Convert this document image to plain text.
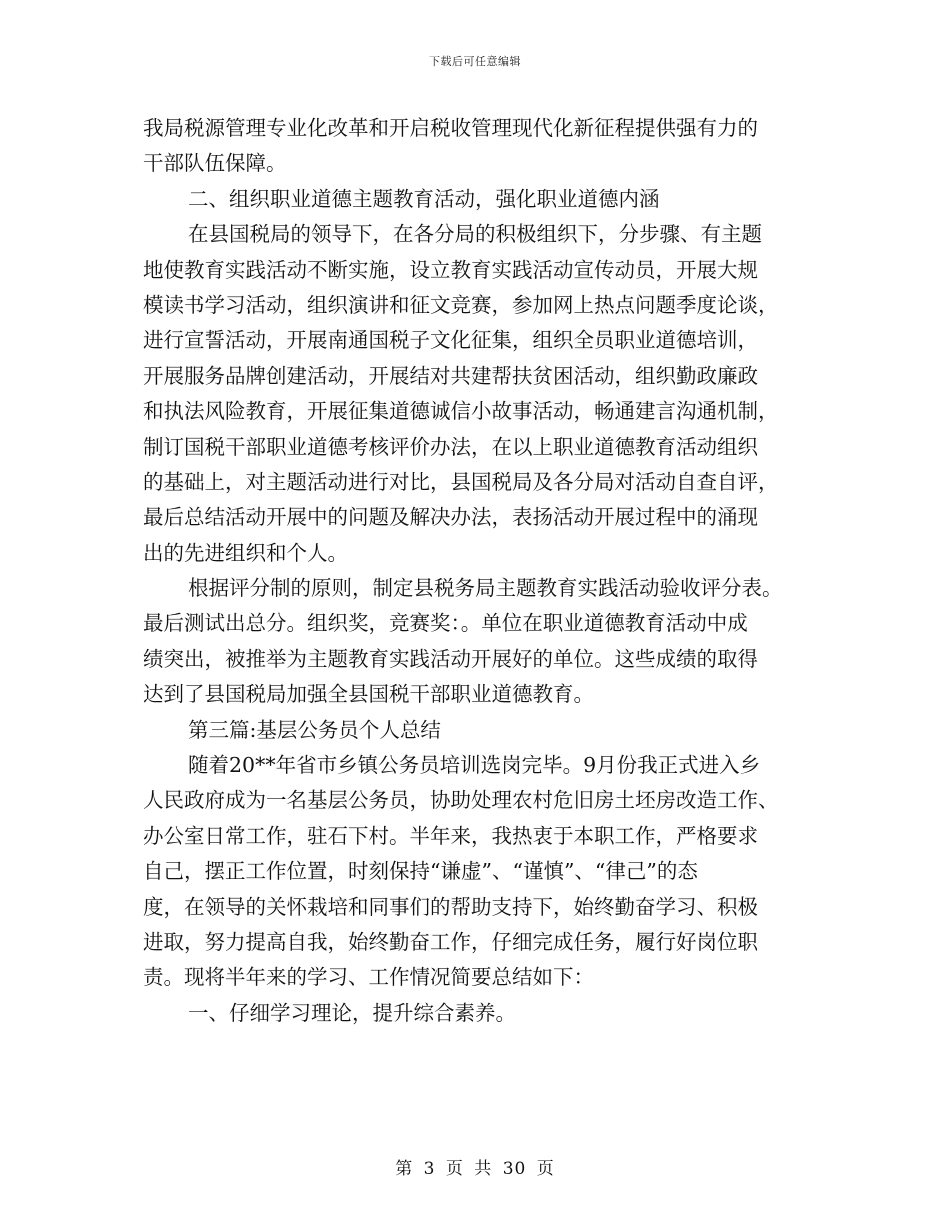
下载后可任意编辑
我局税源管理专业化改革和开启税收管理现代化新征程提供强有力的
干部队伍保障。
二、组织职业道德主题教育活动，强化职业道德内涵
在县国税局的领导下，在各分局的积极组织下，分步骤、有主题
地使教育实践活动不断实施，设立教育实践活动宣传动员，开展大规
模读书学习活动，组织演讲和征文竞赛，参加网上热点问题季度论谈，
进行宣誓活动，开展南通国税子文化征集，组织全员职业道德培训，
开展服务品牌创建活动，开展结对共建帮扶贫困活动，组织勤政廉政
和执法风险教育，开展征集道德诚信小故事活动，畅通建言沟通机制，
制订国税干部职业道德考核评价办法，在以上职业道德教育活动组织
的基础上，对主题活动进行对比，县国税局及各分局对活动自查自评，
最后总结活动开展中的问题及解决办法，表扬活动开展过程中的涌现
出的先进组织和个人。
根据评分制的原则，制定县税务局主题教育实践活动验收评分表。
最后测试出总分。组织奖，竞赛奖：。单位在职业道德教育活动中成
绩突出，被推举为主题教育实践活动开展好的单位。这些成绩的取得
达到了县国税局加强全县国税干部职业道德教育。
第三篇:基层公务员个人总结
随着20**年省市乡镇公务员培训选岗完毕。9月份我正式进入乡
人民政府成为一名基层公务员，协助处理农村危旧房土坯房改造工作、
办公室日常工作，驻石下村。半年来，我热衷于本职工作，严格要求
自己，摆正工作位置，时刻保持“谦虚”、“谨慎”、“律己”的态
度，在领导的关怀栽培和同事们的帮助支持下，始终勤奋学习、积极
进取，努力提高自我，始终勤奋工作，仔细完成任务，履行好岗位职
责。现将半年来的学习、工作情况简要总结如下：
一、仔细学习理论，提升综合素养。
第 3 页 共 30 页
